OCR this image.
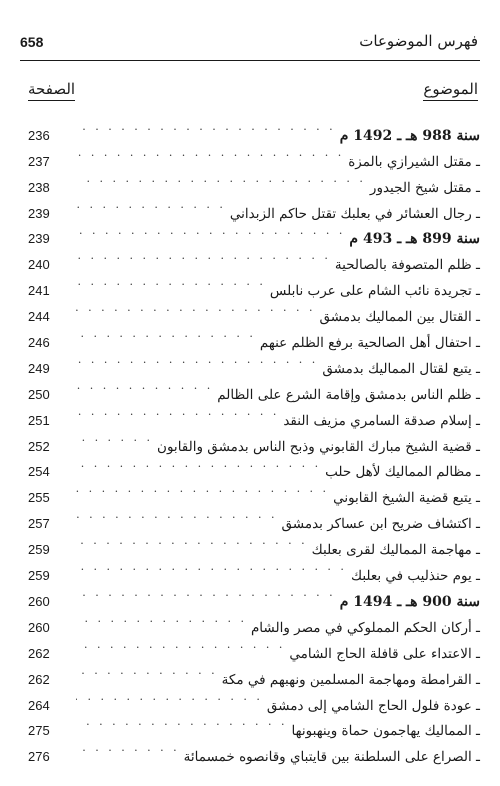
658	فهرس الموضوعات
الموضوع
الصفحة
236 . . .	سنة 988 هـ ـ 1492 م
237 . . .	ـ مقتل الشيرازي بالمزة
238 . . .	ـ مقتل شيخ الجيدور
239 . . .	ـ رجال العشائر في بعلبك تقتل حاكم الزبداني
239 . . .	سنة 899 هـ ـ 493 م
240 . . .	ـ ظلم المتصوفة بالصالحية
241 . . .	ـ تجريدة نائب الشام على عرب نابلس
244 . . .	ـ القتال بين المماليك بدمشق
246 . . .	ـ احتفال أهل الصالحية برفع الظلم عنهم
249 . . .	ـ يتبع لقتال المماليك بدمشق
250 . . .	ـ ظلم الناس بدمشق وإقامة الشرع على الظالم
251 . . .	ـ إسلام صدقة السامري مزيف النقد
252 . . .	ـ قضية الشيخ مبارك القابوني وذبح الناس بدمشق والقابون
254 . . .	ـ مظالم المماليك لأهل حلب
255 . . .	ـ يتبع قضية الشيخ القابوني
257 . . .	ـ اكتشاف ضريح ابن عساكر بدمشق
259 . . .	ـ مهاجمة المماليك لقرى بعلبك
259 . . .	ـ يوم حنذليب في بعلبك
260 . . .	سنة 900 هـ ـ 1494 م
260 . . .	ـ أركان الحكم المملوكي في مصر والشام
262 . . .	ـ الاعتداء على قافلة الحاج الشامي
262 . . .	ـ القرامطة ومهاجمة المسلمين ونهبهم في مكة
264 . . .	ـ عودة فلول الحاج الشامي إلى دمشق
275 . . .	ـ المماليك يهاجمون حماة وينهبونها
276 . . .	ـ الصراع على السلطنة بين قايتباي وقانصوه خمسمائة
